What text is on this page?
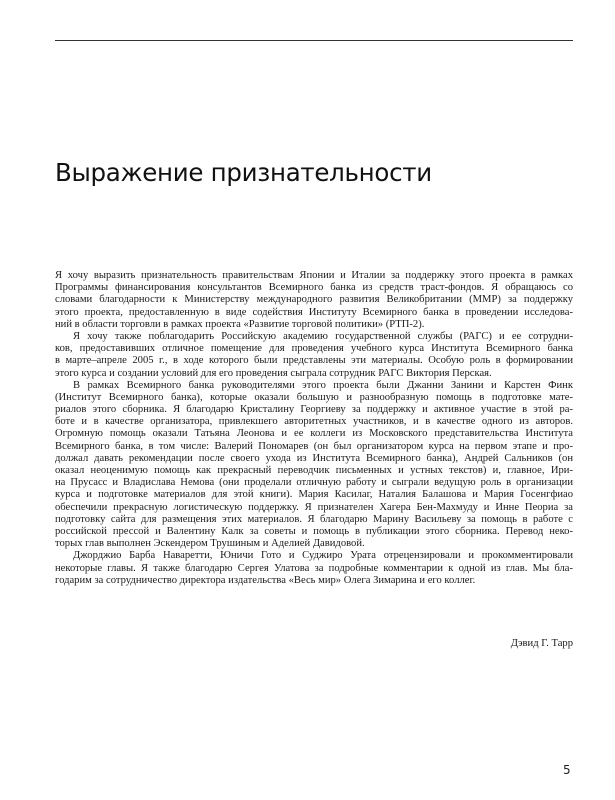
Выражение признательности
Я хочу выразить признательность правительствам Японии и Италии за поддержку этого проекта в рамках
Программы финансирования консультантов Всемирного банка из средств траст-фондов. Я обращаюсь со
словами благодарности к Министерству международного развития Великобритании (ММР) за поддержку
этого проекта, предоставленную в виде содействия Институту Всемирного банка в проведении исследова-
ний в области торговли в рамках проекта «Развитие торговой политики» (РТП-2).
Я хочу также поблагодарить Российскую академию государственной службы (РАГС) и ее сотрудни-
ков, предоставивших отличное помещение для проведения учебного курса Института Всемирного банка
в марте–апреле 2005 г., в ходе которого были представлены эти материалы. Особую роль в формировании
этого курса и создании условий для его проведения сыграла сотрудник РАГС Виктория Перская.
В рамках Всемирного банка руководителями этого проекта были Джанни Занини и Карстен Финк
(Институт Всемирного банка), которые оказали большую и разнообразную помощь в подготовке мате-
риалов этого сборника. Я благодарю Кристалину Георгиеву за поддержку и активное участие в этой ра-
боте и в качестве организатора, привлекшего авторитетных участников, и в качестве одного из авторов.
Огромную помощь оказали Татьяна Леонова и ее коллеги из Московского представительства Института
Всемирного банка, в том числе: Валерий Пономарев (он был организатором курса на первом этапе и про-
должал давать рекомендации после своего ухода из Института Всемирного банка), Андрей Сальников (он
оказал неоценимую помощь как прекрасный переводчик письменных и устных текстов) и, главное, Ири-
на Прусасс и Владислава Немова (они проделали отличную работу и сыграли ведущую роль в организации
курса и подготовке материалов для этой книги). Мария Касилаг, Наталия Балашова и Мария Госенгфиао
обеспечили прекрасную логистическую поддержку. Я признателен Хагера Бен-Махмуду и Инне Пеориа за
подготовку сайта для размещения этих материалов. Я благодарю Марину Васильеву за помощь в работе с
российской прессой и Валентину Калк за советы и помощь в публикации этого сборника. Перевод неко-
торых глав выполнен Эскендером Трушиным и Аделией Давидовой.
Джорджио Барба Наваретти, Юничи Гото и Суджиро Урата отрецензировали и прокомментировали
некоторые главы. Я также благодарю Сергея Улатова за подробные комментарии к одной из глав. Мы бла-
годарим за сотрудничество директора издательства «Весь мир» Олега Зимарина и его коллег.
Дэвид Г. Тарр
5
